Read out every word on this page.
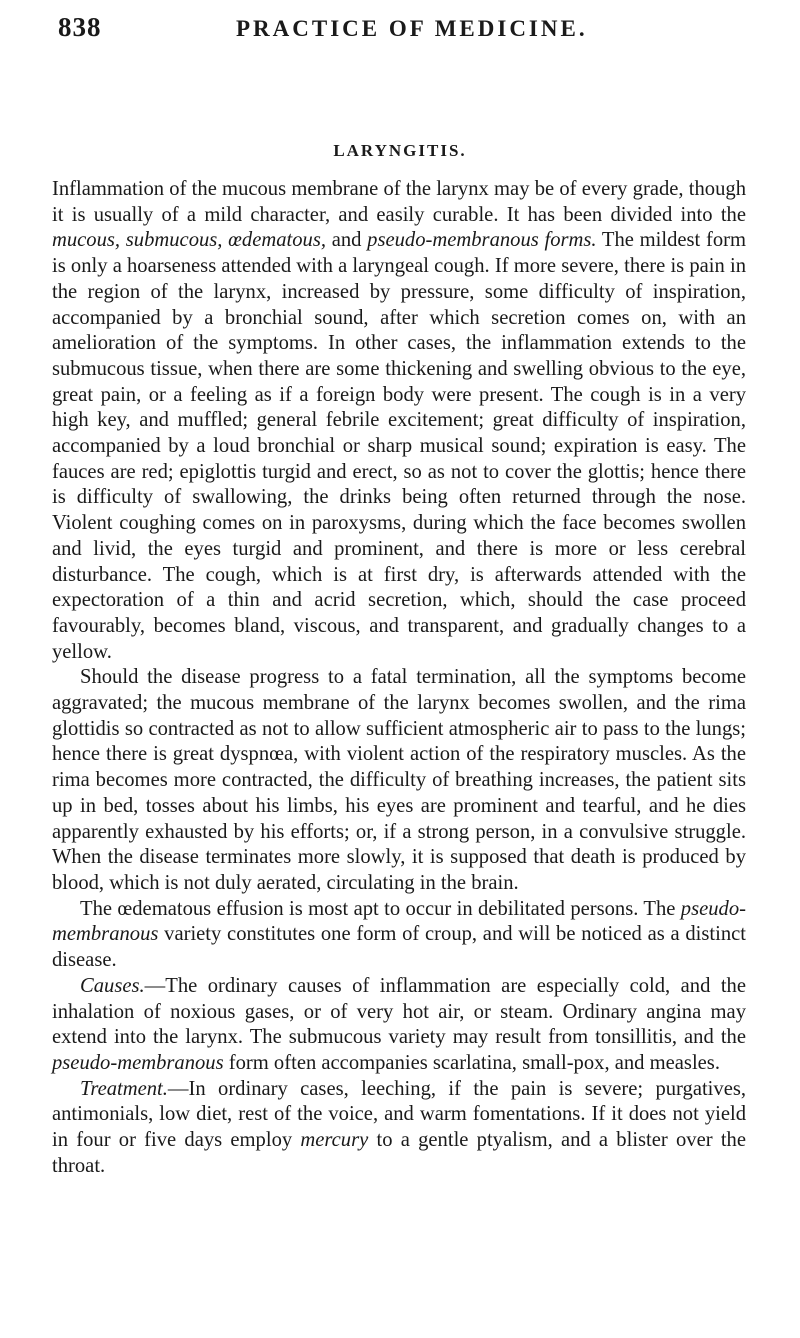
838	PRACTICE OF MEDICINE.
LARYNGITIS.

Inflammation of the mucous membrane of the larynx may be of every grade, though it is usually of a mild character, and easily curable. It has been divided into the mucous, submucous, œdematous, and pseudo-membranous forms. The mildest form is only a hoarseness attended with a laryngeal cough. If more severe, there is pain in the region of the larynx, increased by pressure, some difficulty of inspiration, accompanied by a bronchial sound, after which secretion comes on, with an amelioration of the symptoms. In other cases, the inflammation extends to the submucous tissue, when there are some thickening and swelling obvious to the eye, great pain, or a feeling as if a foreign body were present. The cough is in a very high key, and muffled; general febrile excitement; great difficulty of inspiration, accompanied by a loud bronchial or sharp musical sound; expiration is easy. The fauces are red; epiglottis turgid and erect, so as not to cover the glottis; hence there is difficulty of swallowing, the drinks being often returned through the nose. Violent coughing comes on in paroxysms, during which the face becomes swollen and livid, the eyes turgid and prominent, and there is more or less cerebral disturbance. The cough, which is at first dry, is afterwards attended with the expectoration of a thin and acrid secretion, which, should the case proceed favourably, becomes bland, viscous, and transparent, and gradually changes to a yellow.

Should the disease progress to a fatal termination, all the symptoms become aggravated; the mucous membrane of the larynx becomes swollen, and the rima glottidis so contracted as not to allow sufficient atmospheric air to pass to the lungs; hence there is great dyspnœa, with violent action of the respiratory muscles. As the rima becomes more contracted, the difficulty of breathing increases, the patient sits up in bed, tosses about his limbs, his eyes are prominent and tearful, and he dies apparently exhausted by his efforts; or, if a strong person, in a convulsive struggle. When the disease terminates more slowly, it is supposed that death is produced by blood, which is not duly aerated, circulating in the brain.

The œdematous effusion is most apt to occur in debilitated persons. The pseudo-membranous variety constitutes one form of croup, and will be noticed as a distinct disease.

Causes.—The ordinary causes of inflammation are especially cold, and the inhalation of noxious gases, or of very hot air, or steam. Ordinary angina may extend into the larynx. The submucous variety may result from tonsillitis, and the pseudo-membranous form often accompanies scarlatina, small-pox, and measles.

Treatment.—In ordinary cases, leeching, if the pain is severe; purgatives, antimonials, low diet, rest of the voice, and warm fomentations. If it does not yield in four or five days employ mercury to a gentle ptyalism, and a blister over the throat.
